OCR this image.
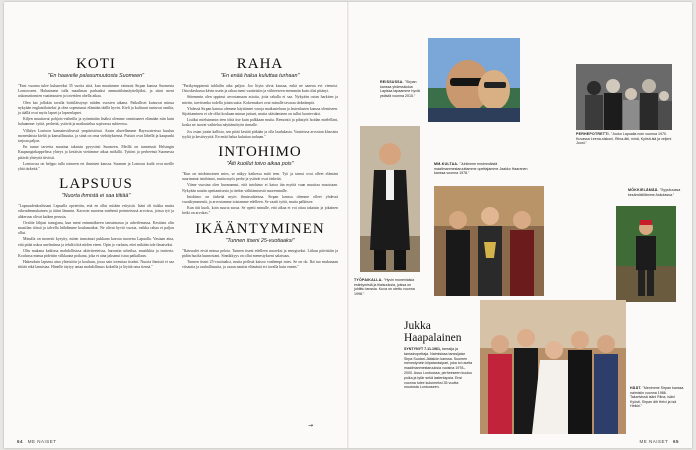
KOTI
"En haaveile palasumuutosta Suomeen"

"Ensi vuonna tulee kuluneeksi 35 vuotta siitä, kun muutimme vaimoni Sirpan kanssa Suomesta Lontooseen. Halusimme tulla maailman parhaaksi ammattilaisnäyttelijäksi, ja siinä meni uskomattomien vaatimusten ja toiveiden ohella aikaa.

Olen kai jollakin tavalla brittiläistynyt näiden vuosien aikana. Paikalliset kutsuvat minua nykyään englantilaiseksi ja olen sopeutunut elämään täällä hyvin. Kieli ja kulttuuri tuntuvat omilta, ja täällä ovat myös lapset ja lapsenlapset.

Kiljen muuttavat pohjois-vaiheilla ja syöminään lisäksi olemme onnistuneet elämään niin kuin haluamme: työtä, perhettä, ystäviä ja matkustelua sopivassa suhteessa.

Villalyn Lontoon kansainvälisessä ympäristössä. Asuin alueellamme Bayswaterissa kuuluu monenlaista kieltä ja kansallisuutta, ja siinä on oma viehätyksensä. Puistot ovat lähellä ja kaupunki tarjoaa paljon.

En tunne tarvetta muuttaa takaisin pysyvästi Suomeen. Meillä on tunnetusti Helsingin Kaupunginkappelissa yhteys ja kesäisin vietämme aikaa mökillä. Tyttöni ja perheensä Suomessa pitävät yhteyttä tiiviisti.

Lontoossa on helppo tulla toimeen eri ihmisten kanssa. Suomen ja Lontoon kodit ovat meille yhtä tärkeitä."

LAPSUUS
"Nuorta ihmistä ei saa tiitiää"

"Lapsuudenkodissani Lapualla opetettiin, että en ollut mitään erityistä. Isäni oli tiukka mutta oikeudenmukainen ja äitini lämmin. Kasvoin nuorena miehenä perinteisissä arvoissa, joissa työ ja ahkeruus olivat kaiken perusta.

Ovaltie lähjasi tansqjana, kun meni enimmäkseen tanssimassa ja urheilemassa. Kesäisin olin maatilan töissä ja talvella hiihdimme koulumatkat. Ne olivat hyviä vuosia, vaikka rahaa ei paljon ollut.

Minulla on monesti kysytty, miten tanssinuri pukkaan kasvaa nuorena Lapualla. Vastaan aina, että pitää uskoa unelmiinsa ja tehdä töitä niiden eteen. Opin jo varhain, ettei mikään tule ilmaiseksi.

Olin mukana kaikissa mahdollisissa aktiviteeteissa, harrastin urheilua, musiikkia ja teatteria. Koulussa minua pidettiin vilkkaana poikana, joka ei aina jaksanut istua paikallaan.

Hakeuduin lapsena aina yhteisöön ja kouluun, jossa sain toteuttaa itseäni. Nuorta ihmistä ei saa tiitiää eikä lannistaa. Hänelle täytyy antaa mahdollisuus kokeilla ja löytää oma tiensä."

RAHA
"En enää halua kuluttaa turhaan"

"Parikymppisenä tuhlailin aika paljon. Joo liiyin ulvut kausaa, enkä ne saneua evi vienoisi. Ostoskeskussa kävin usein ja rahaa meni vaatteisiin ja viihteeseen enemmän kuin olisi pitänyt.

Sittemmin olen oppinut arvostamaan asioita, joita rahalla ei saa. Nykyään ostan harkiten ja mietin, tarvitsenko todella jotain uutta. Kokemukset ovat minulle tavaraa tärkeämpiä.

Yhdessä Sirpan kanssa olemme käyttäneet varoja matkusteluun ja lastenlasten kanssa olemiseen. Sijoittaminen ei ole ollut koskaan minun juttuni, mutta säästäminen on tullut luontevaksi.

Lisäksi mieluimmin teen töitä itse kuin palkkaan muita. Remontit ja pihatyöt hoidan mielelläni, koska ne tuovat vaihtelua näyttämötyön rinnalle.

Jos ostan jotain kallista, sen pitää kestää pitkään ja olla laadukasta. Vaatteissa arvostan klassista tyyliä ja kestävyyttä. En enää halua kuluttaa turhaan."

INTOHIMO
"Äiti kuollut toivo aikaa pois"

"Kun on intohimoinen mies, se näkyy kaikessa mitä teen. Työ ja tanssi ovat olleet elämäni suurimmat intohimot, mutta myös perhe ja ystävät ovat tärkeitä.

Viime vuosina olen huomannut, että intohimo ei katoa iän myötä vaan muuttaa muotoaan. Nykyään nautin opettamisesta ja tiedon välittämisestä nuoremmille.

Intohimo on tärkeää myös ihmissuhteissa. Sirpan kanssa olemme olleet yhdessä vuosikymmeniä, ja arvostamme toisiamme edelleen. Se vaatii työtä, mutta palkitsee.

Kun äiti kuoli, koin suurta surua. Se opetti minulle, että aikaa ei voi ottaa takaisin ja jokainen hetki on arvokas."

IKÄÄNTYMINEN
"Tunnen itseni 25-vuotiaaksi"

"Ikävuodet eivät minua pelota. Tunnen itseni edelleen nuoreksi ja energiseksi. Liikun päivittäin ja pidän huolta kunnostani. Sinnikkyys on ollut menestykseni salaisuus.

Tunnen itseni 25-vuotiaaksi, mutta peilistä katsoo vanhempi mies. Se on ok. Ikä tuo mukanaan viisautta ja rauhallisuutta, ja osaan nauttia elämästä eri tavalla kuin ennen."

64 ME NAISET
REISSUSSA. "Sirpan kanssa yhdessäoloa Lapissa tapaamme hyviä ystäviä vuonna 2015."
PERHEPOTRETTI. "Jouko Lapualla noin vuonna 1970. Kuvassa Leena-siskoni, Riina-äiti, minä, Kyösti-isä ja veljeni Jouni."
MM-KULTAA. "Juhlimme ensimmäistä maailmanmestaruuttamme opettajamme Jaakko Haaranen kanssa vuonna 1978."
TYÖPAIKALLA. "Hyvin monenlaisia esiintymisiä ja tilaisuuksia, joissa on juhlittu tanssia. Kuva on otettu vuonna 1998."
MÖKKIELÄMÄÄ. "Syyskuussa kesämökillämme Askolassa."
HÄÄT. "Menimme Sirpan kanssa naimisiin vuonna 1986. Takarivissä isäni Riina, isäni Kyösti, Sirpan äiti Helvi ja isä Heikki."
Jukka
Haapalainen
SYNTYNYT 7.11.1961, tanssija ja tanssinopettaja. Naimisissa tanssijatar Sirpa Suutari-Jääskön kanssa. Suomen menestynein kilpatanssipari, joka toi useita maailmanmestaruuksia vuosina 1978–2000. Asuu Lontoossa, perheeseen kuuluu poika ja tytär sekä lastenlapsia. Ensi vuonna tulee kuluneeksi 35 vuotta muutosta Lontooseen.
ME NAISET 65
→
